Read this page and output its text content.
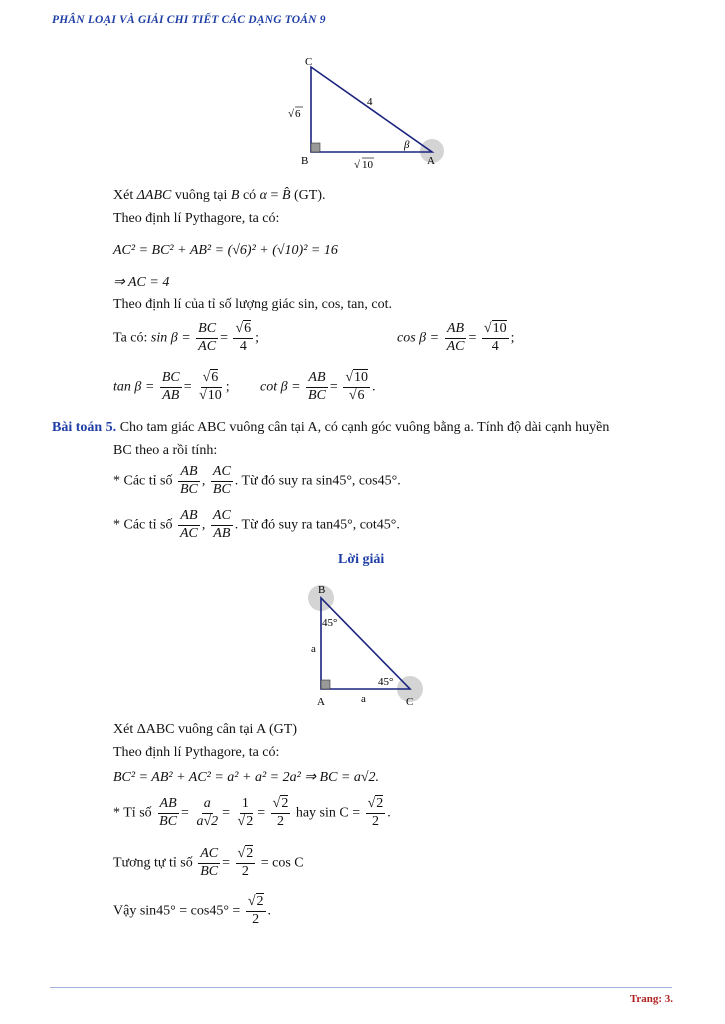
PHÂN LOẠI VÀ GIẢI CHI TIẾT CÁC DẠNG TOÁN 9
C
B	A
√ 6
4
√ 10
β
Xét ΔABC vuông tại B có α = B̂ (GT).
Theo định lí Pythagore, ta có:
AC² = BC² + AB² = (√6)² + (√10)² = 16
⇒ AC = 4
Theo định lí của tỉ số lượng giác sin, cos, tan, cot.
Ta có: $\sin \beta = \frac{BC}{AC}$ = √ $\frac{6}{4}$ ;	$\cos \beta = \frac{AB}{AC}$ = √ $\frac{10}{4}$ ;
$\tan \beta = \frac{BC}{AB}$ = √ 6
√ 10 ; $\cot \beta = \frac{AB}{BC}$ = √ 10
√ 6 .
Bài toán 5. Cho tam giác ABC vuông cân tại A, có cạnh góc vuông bằng a. Tính độ dài cạnh huyền
BC theo a rồi tính:
* Các tỉ số $\frac{AB}{BC}$ , $\frac{AC}{BC}$ . Từ đó suy ra sin45°, cos45°.
* Các tỉ số $\frac{AB}{AC}$ , $\frac{AC}{AB}$ . Từ đó suy ra tan45°, cot45°.
Lời giải
B
A	C
a
a
45°
45°
Xét ΔABC vuông cân tại A (GT)
Theo định lí Pythagore, ta có:
BC² = AB² + AC² = a² + a² = 2a² ⇒ BC = a√2.
* Tỉ số $\frac{AB}{BC} = \frac{a}{a√2} = 1$
√ 2 = √ $\frac{2}{2}$ hay sin C = √ $\frac{2}{2}$ .
Tương tự tỉ số $\frac{AC}{BC}$ = √ $\frac{2}{2} = \cos C$
Vậy sin45° = cos45° = √ $\frac{2}{2}$ .
Trang: 3.
